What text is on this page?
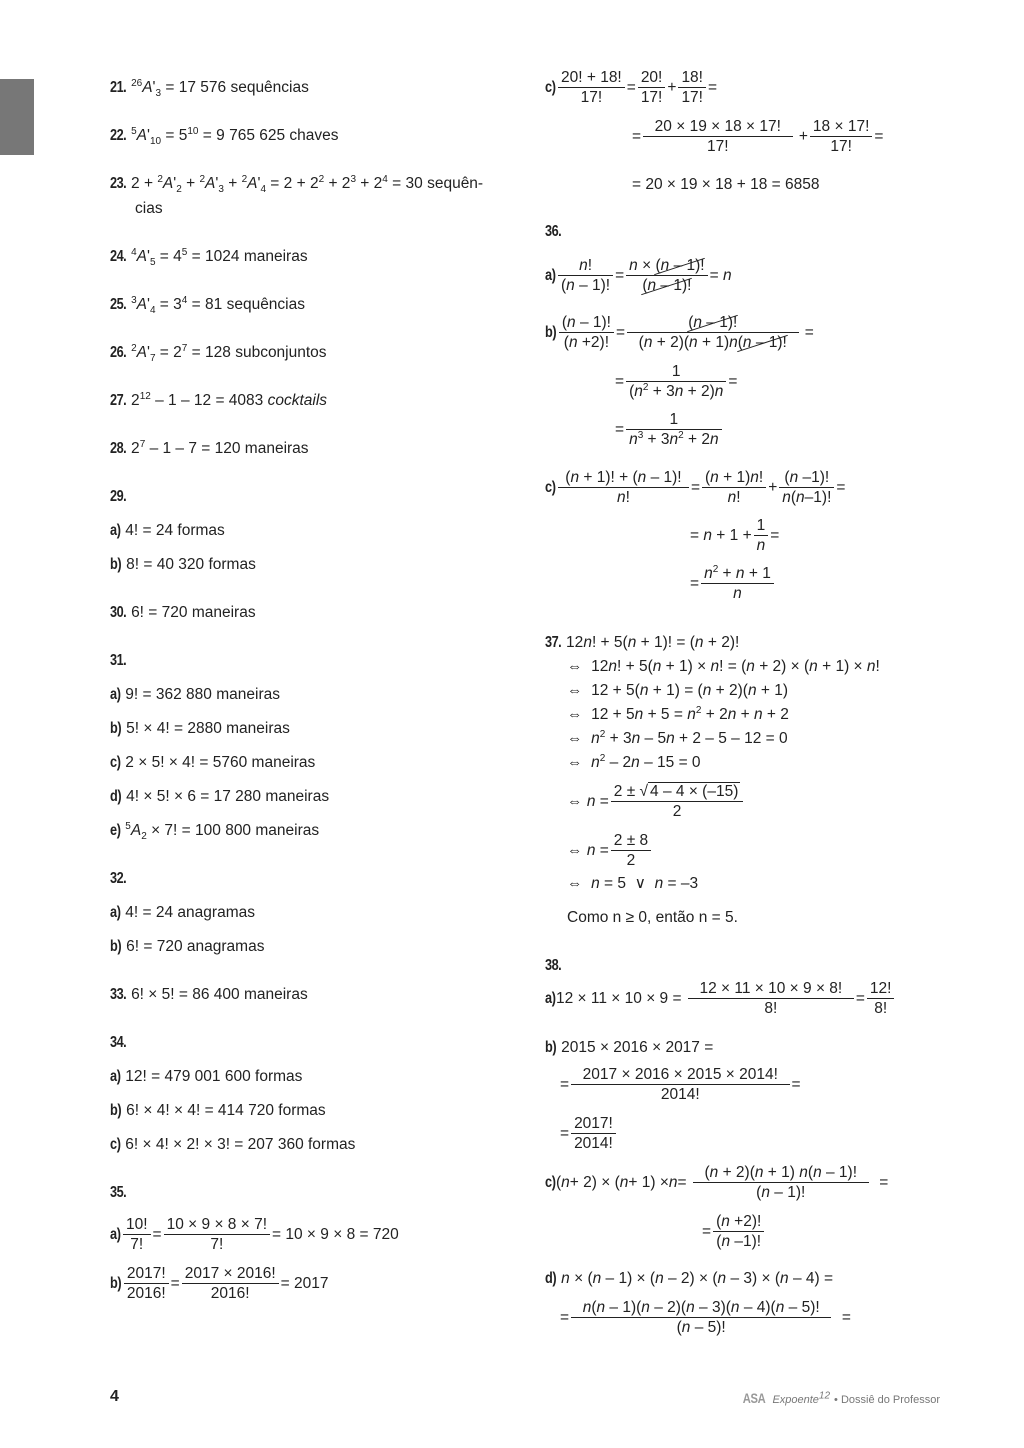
21. $^{26}A'_3 = 17$ 576 sequências
22. $^5A'_{10} = 5^{10} = 9$ 765 625 chaves
23. $2 + ^2A'_2 + ^2A'_3 + ^2A'_4 = 2 + 2^2 + 2^3 + 2^4 = 30$ sequên-
cias
24. $^4A'_5 = 4^5 = 1024$ maneiras
25. $^3A'_4 = 3^4 = 81$ sequências
26. $^2A'_7 = 2^7 = 128$ subconjuntos
27. $2^{12} - 1 - 12 = 4083$ cocktails
28. $2^7 - 1 - 7 = 120$ maneiras
29.
a) 4! = 24 formas
b) 8! = 40 320 formas
30. 6! = 720 maneiras
31.
a) 9! = 362 880 maneiras
b) 5! × 4! = 2880 maneiras
c) 2 × 5! × 4! = 5760 maneiras
d) 4! × 5! × 6 = 17 280 maneiras
e) $^5A_2 \times 7$! = 100 800 maneiras
32.
a) 4! = 24 anagramas
b) 6! = 720 anagramas
33. 6! × 5! = 86 400 maneiras
34.
a) 12! = 479 001 600 formas
b) 6! × 4! × 4! = 414 720 formas
c) 6! × 4! × 2! × 3! = 207 360 formas
35.
$a) \frac{10!}{7!} = \frac{10 \times 9 \times 8 \times 7!}{7!} = 10 \times 9 \times 8 = 720$
$b) \frac{2017!}{2016!} = \frac{2017 \times 2016!}{2016!} = 2017$
$c) \frac{20! + 18!}{17!} = \frac{20!}{17!} + \frac{18!}{17!}$ =
= $\frac{20 \times 19 \times 18 \times 17!}{17!} + \frac{18 \times 17!}{17!}$ =
= 20 × 19 × 18 + 18 = 6858
36.
$a) \frac{n!}{(n - 1)!} = \frac{n \times (n - 1)!}{(n - 1)!} = n$
$b) \frac{(n - 1)!}{(n +2)!} = \frac{(n - 1)!}{(n + 2)(n + 1)n(n - 1)!}$ =
= $\frac{1}{(n^2 + 3n + 2)n}$ =
= $\frac{1}{n^3 + 3n^2 + 2n}$
$c) \frac{(n + 1)! + (n - 1)!}{n!} = \frac{(n + 1)n!}{n!} + \frac{(n -1)!}{n(n-1)!}$ =
= $n + 1 + \frac{1}{n}$ =
= $\frac{n^2 + n + 1}{n}$
37. 12n! + 5(n + 1)! = (n + 2)!
⇔  12n! + 5(n + 1) × n! = (n + 2) × (n + 1) × n!
⇔  12 + 5(n + 1) = (n + 2)(n + 1)
⇔  $12 + 5n + 5 = n^2 + 2n + n + 2$
⇔  $n^2 + 3n - 5n + 2 - 5 - 12 = 0$
⇔  $n^2 - 2n - 15 = 0$
⇔ $n = \frac{2 \pm √ 4 - 4 \times (-15)}{2}$
⇔ $n = \frac{2 \pm 8}{2}$
⇔  n = 5  ∨  n = –3
Como n ≥ 0, então n = 5.
38.
a) $12 \times 11 \times 10 \times 9 = \frac{12 \times 11 \times 10 \times 9 \times 8!}{8!} = \frac{12!}{8!}$
b) 2015 × 2016 × 2017 =
= $\frac{2017 \times 2016 \times 2015 \times 2014!}{2014!}$ =
= $\frac{2017!}{2014!}$
c) ( n + 2) × ( $n + 1) \times n = \frac{(n + 2)(n + 1) n(n - 1)!}{(n - 1)!}$ =
= $\frac{(n +2)!}{(n -1)!}$
d) n × (n – 1) × (n – 2) × (n – 3) × (n – 4) =
= $\frac{n(n - 1)(n - 2)(n - 3)(n - 4)(n - 5)!}{(n - 5)!}$ =
4	ASA Expoente$^{12}$ • Dossiê do Professor
